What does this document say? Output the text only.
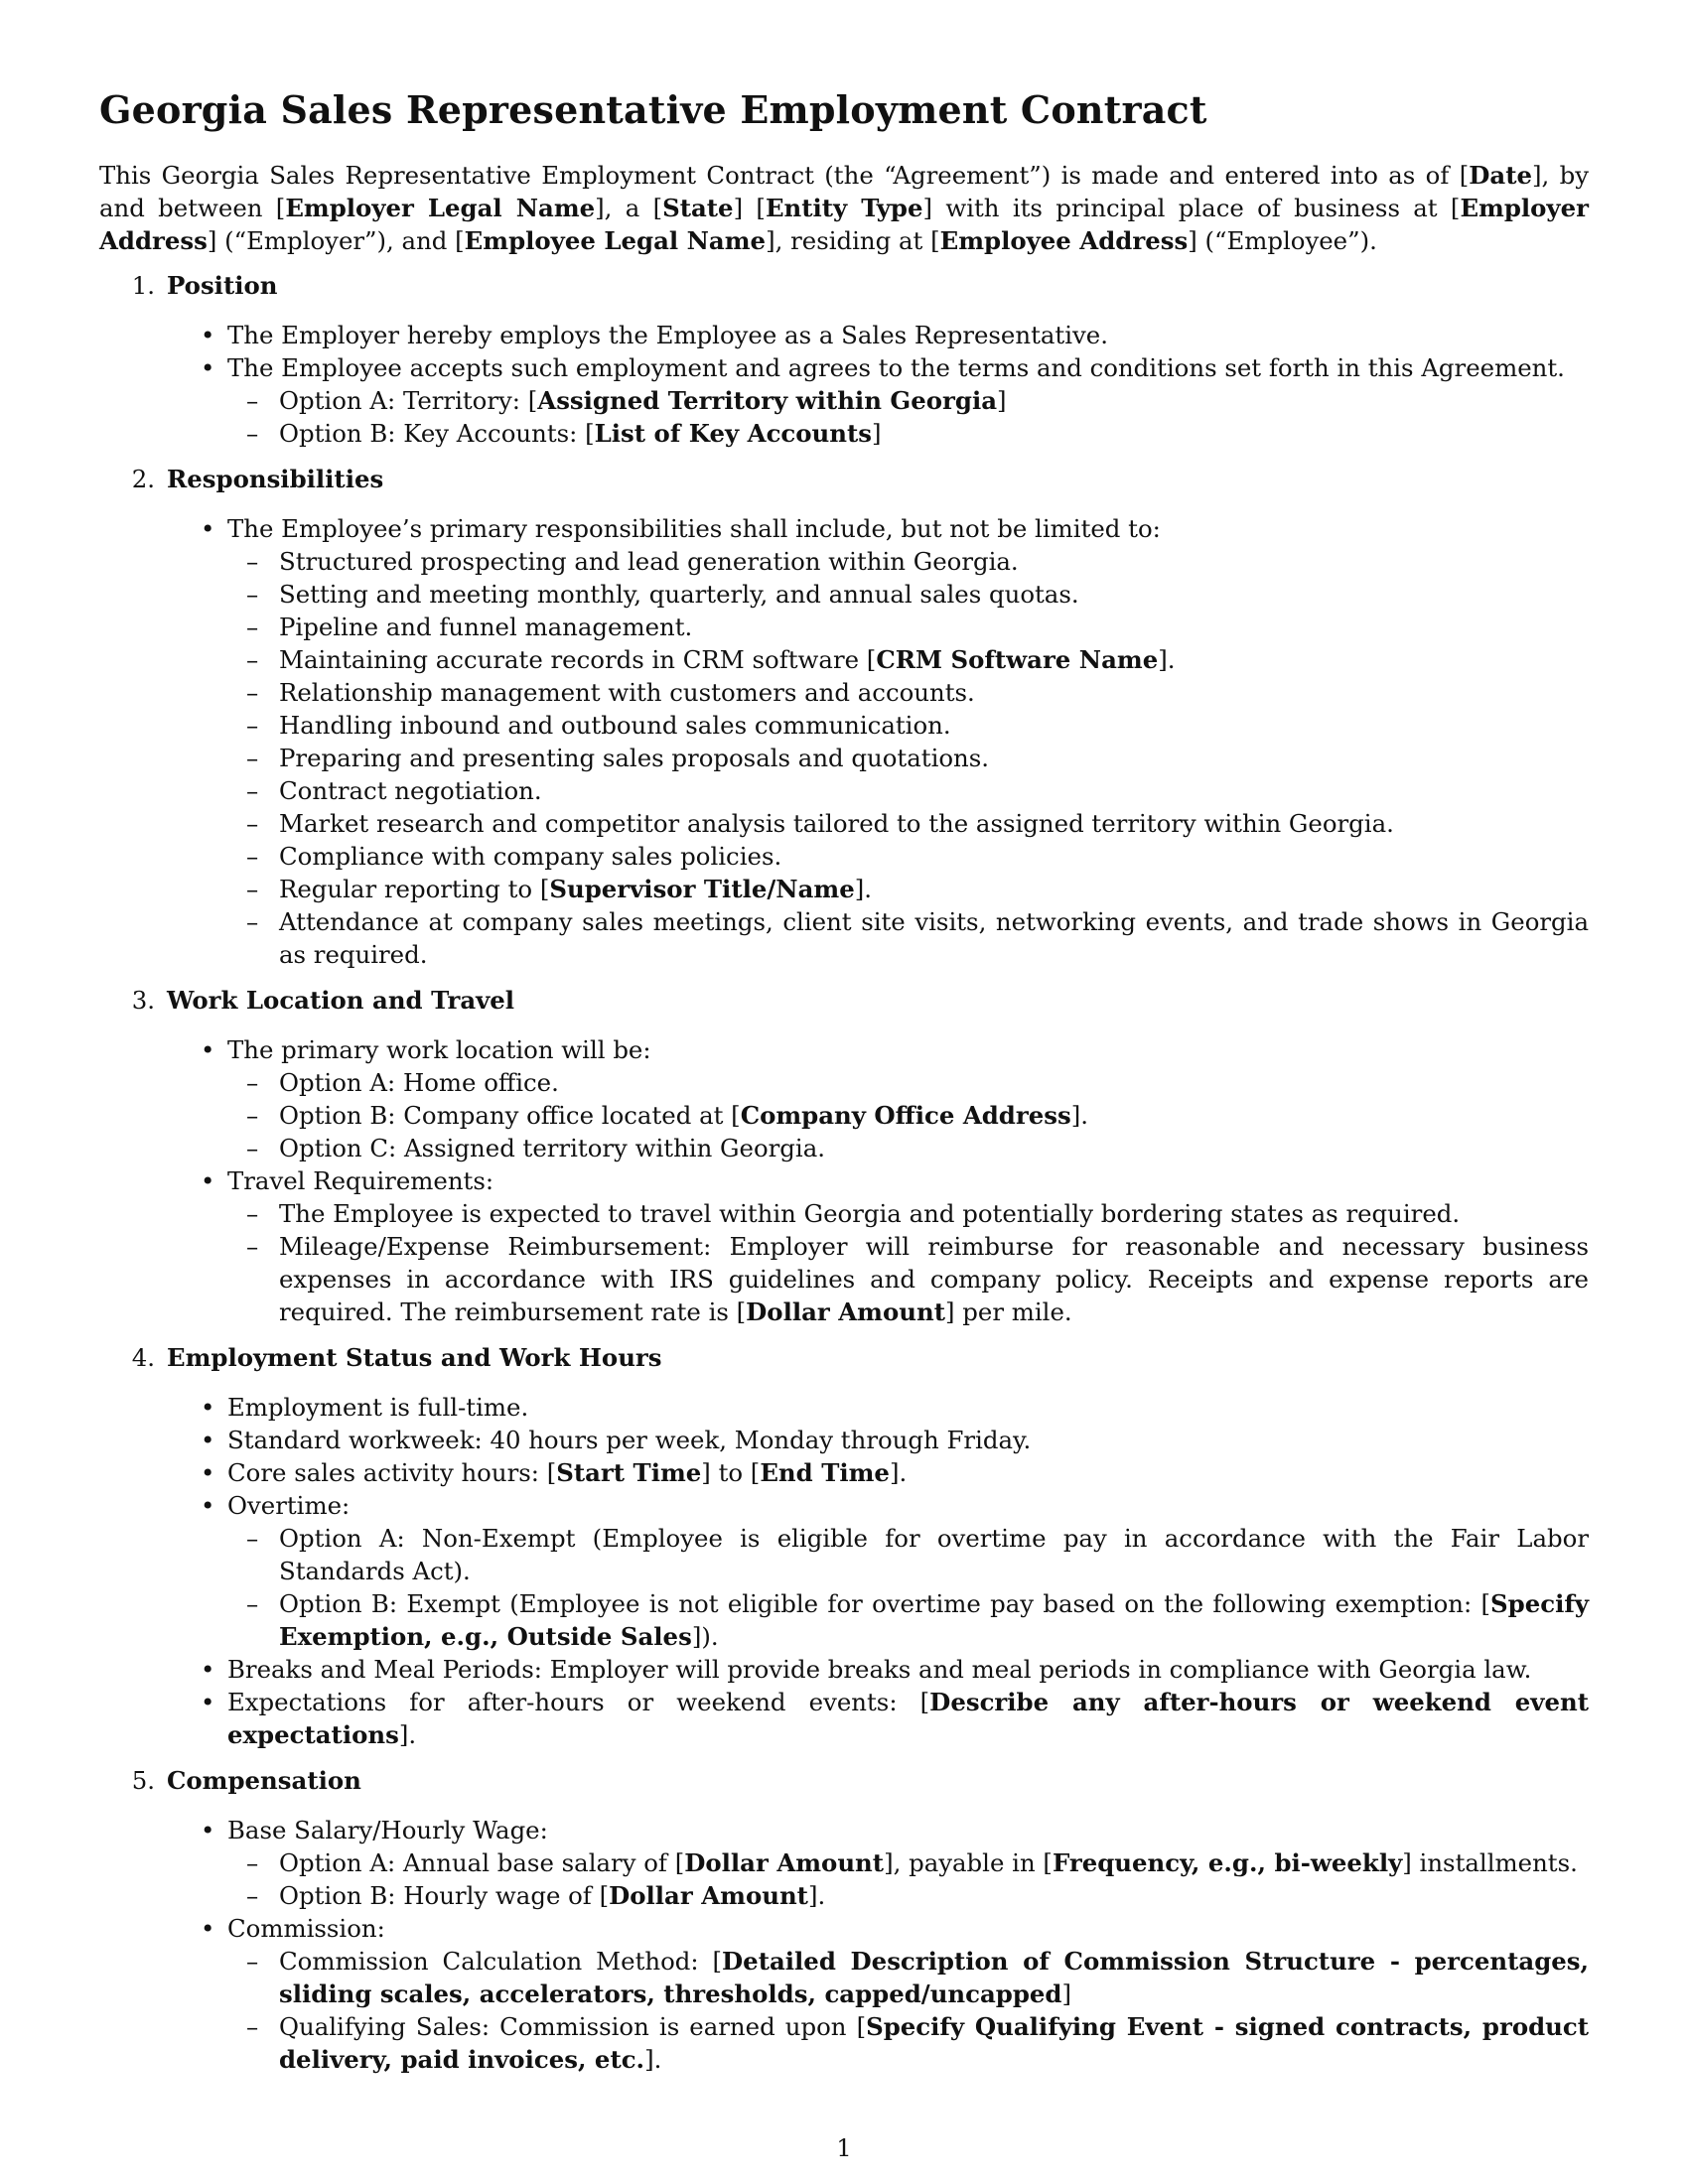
Georgia Sales Representative Employment Contract

This Georgia Sales Representative Employment Contract (the “Agreement”) is made and entered into as of [Date], by and between [Employer Legal Name], a [State] [Entity Type] with its principal place of business at [Employer Address] (“Employer”), and [Employee Legal Name], residing at [Employee Address] (“Employee”).

1. Position
• The Employer hereby employs the Employee as a Sales Representative.
• The Employee accepts such employment and agrees to the terms and conditions set forth in this Agreement.
– Option A: Territory: [Assigned Territory within Georgia]
– Option B: Key Accounts: [List of Key Accounts]
2. Responsibilities
• The Employee’s primary responsibilities shall include, but not be limited to:
– Structured prospecting and lead generation within Georgia.
– Setting and meeting monthly, quarterly, and annual sales quotas.
– Pipeline and funnel management.
– Maintaining accurate records in CRM software [CRM Software Name].
– Relationship management with customers and accounts.
– Handling inbound and outbound sales communication.
– Preparing and presenting sales proposals and quotations.
– Contract negotiation.
– Market research and competitor analysis tailored to the assigned territory within Georgia.
– Compliance with company sales policies.
– Regular reporting to [Supervisor Title/Name].
– Attendance at company sales meetings, client site visits, networking events, and trade shows in Georgia as required.
3. Work Location and Travel
• The primary work location will be:
– Option A: Home office.
– Option B: Company office located at [Company Office Address].
– Option C: Assigned territory within Georgia.
• Travel Requirements:
– The Employee is expected to travel within Georgia and potentially bordering states as required.
– Mileage/Expense Reimbursement: Employer will reimburse for reasonable and necessary business expenses in accordance with IRS guidelines and company policy. Receipts and expense reports are required. The reimbursement rate is [Dollar Amount] per mile.
4. Employment Status and Work Hours
• Employment is full-time.
• Standard workweek: 40 hours per week, Monday through Friday.
• Core sales activity hours: [Start Time] to [End Time].
• Overtime:
– Option A: Non-Exempt (Employee is eligible for overtime pay in accordance with the Fair Labor Standards Act).
– Option B: Exempt (Employee is not eligible for overtime pay based on the following exemption: [Specify Exemption, e.g., Outside Sales]).
• Breaks and Meal Periods: Employer will provide breaks and meal periods in compliance with Georgia law.
• Expectations for after-hours or weekend events: [Describe any after-hours or weekend event expectations].
5. Compensation
• Base Salary/Hourly Wage:
– Option A: Annual base salary of [Dollar Amount], payable in [Frequency, e.g., bi-weekly] installments.
– Option B: Hourly wage of [Dollar Amount].
• Commission:
– Commission Calculation Method: [Detailed Description of Commission Structure - percentages, sliding scales, accelerators, thresholds, capped/uncapped]
– Qualifying Sales: Commission is earned upon [Specify Qualifying Event - signed contracts, product delivery, paid invoices, etc.].
1
